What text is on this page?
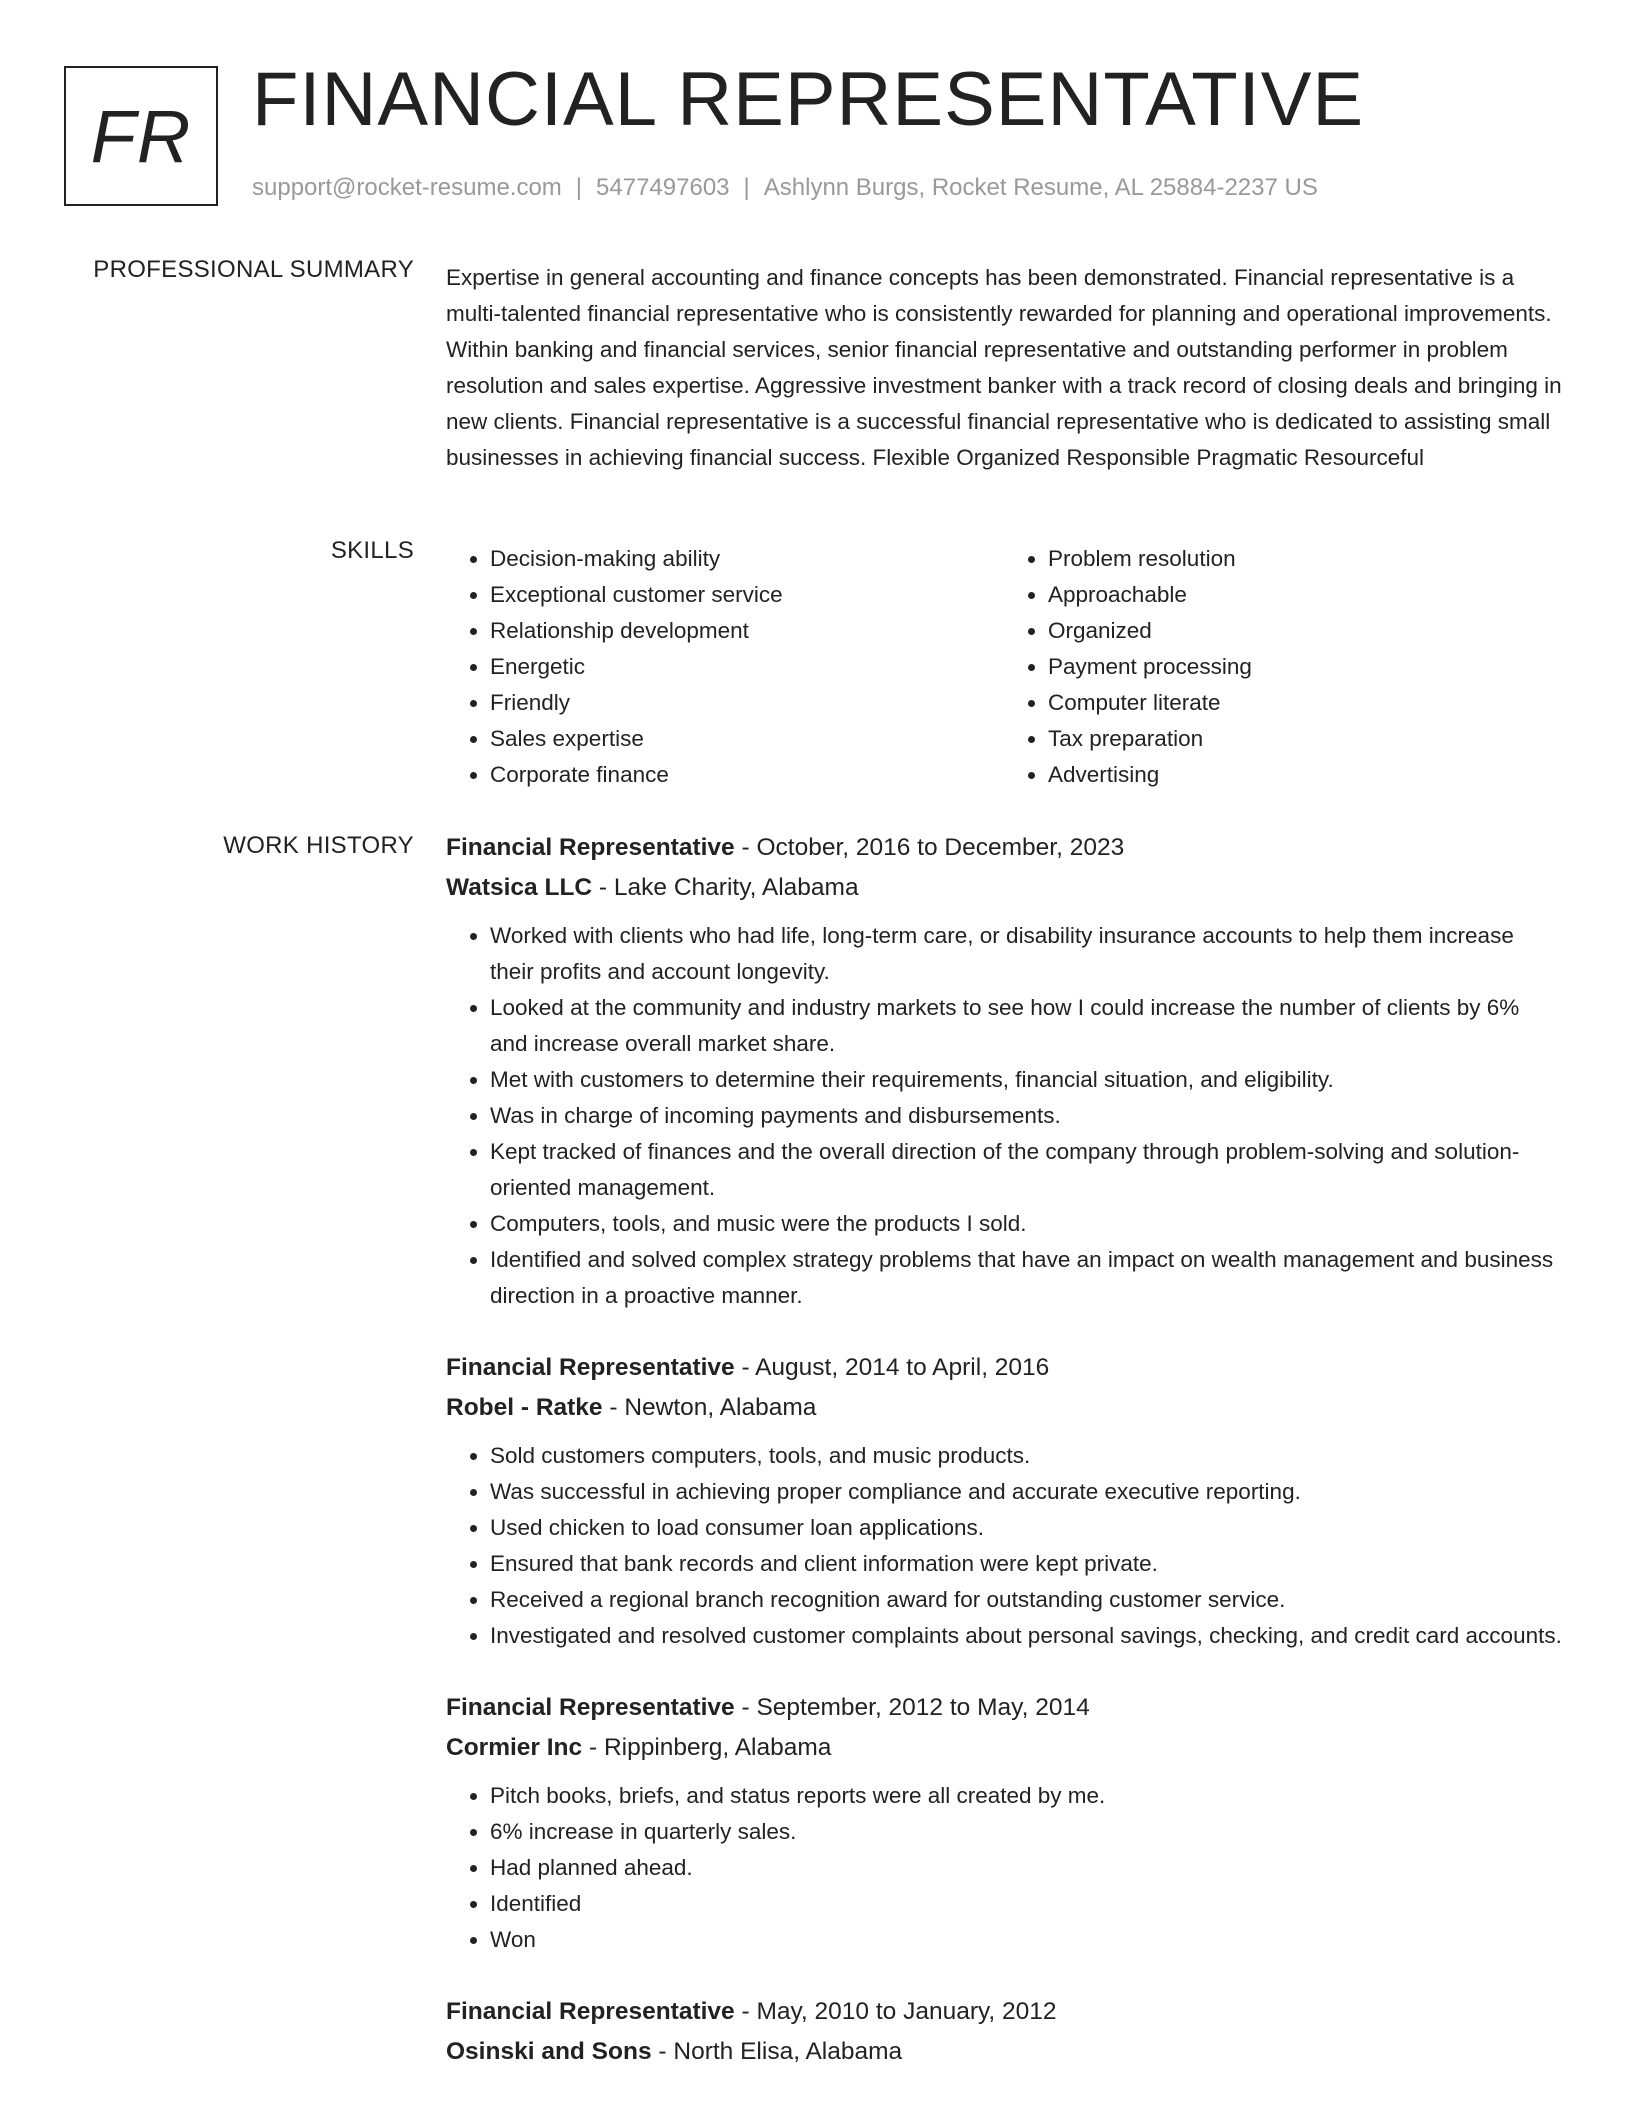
FR FINANCIAL REPRESENTATIVE
support@rocket-resume.com | 5477497603 | Ashlynn Burgs, Rocket Resume, AL 25884-2237 US
PROFESSIONAL SUMMARY Expertise in general accounting and finance concepts has been demonstrated. Financial representative is a multi-talented financial representative who is consistently rewarded for planning and operational improvements. Within banking and financial services, senior financial representative and outstanding performer in problem resolution and sales expertise. Aggressive investment banker with a track record of closing deals and bringing in new clients. Financial representative is a successful financial representative who is dedicated to assisting small businesses in achieving financial success. Flexible Organized Responsible Pragmatic Resourceful

SKILLS
•	Decision-making ability
• Exceptional customer service
• Relationship development
• Energetic
• Friendly
• Sales expertise
• Corporate finance
• Problem resolution
• Approachable
• Organized
• Payment processing
• Computer literate
• Tax preparation
• Advertising
WORK HISTORY Financial Representative - October, 2016 to December, 2023
Watsica LLC - Lake Charity, Alabama
• Worked with clients who had life, long-term care, or disability insurance accounts to help them increase their profits and account longevity.
• Looked at the community and industry markets to see how I could increase the number of clients by 6% and increase overall market share.
• Met with customers to determine their requirements, financial situation, and eligibility.
• Was in charge of incoming payments and disbursements.
• Kept tracked of finances and the overall direction of the company through problem-solving and solution-oriented management.
• Computers, tools, and music were the products I sold.
• Identified and solved complex strategy problems that have an impact on wealth management and business direction in a proactive manner.
Financial Representative - August, 2014 to April, 2016
Robel - Ratke - Newton, Alabama
• Sold customers computers, tools, and music products.
• Was successful in achieving proper compliance and accurate executive reporting.
• Used chicken to load consumer loan applications.
• Ensured that bank records and client information were kept private.
• Received a regional branch recognition award for outstanding customer service.
• Investigated and resolved customer complaints about personal savings, checking, and credit card accounts.
Financial Representative - September, 2012 to May, 2014
Cormier Inc - Rippinberg, Alabama
• Pitch books, briefs, and status reports were all created by me.
• 6% increase in quarterly sales.
• Had planned ahead.
• Identified
• Won
Financial Representative - May, 2010 to January, 2012
Osinski and Sons - North Elisa, Alabama
